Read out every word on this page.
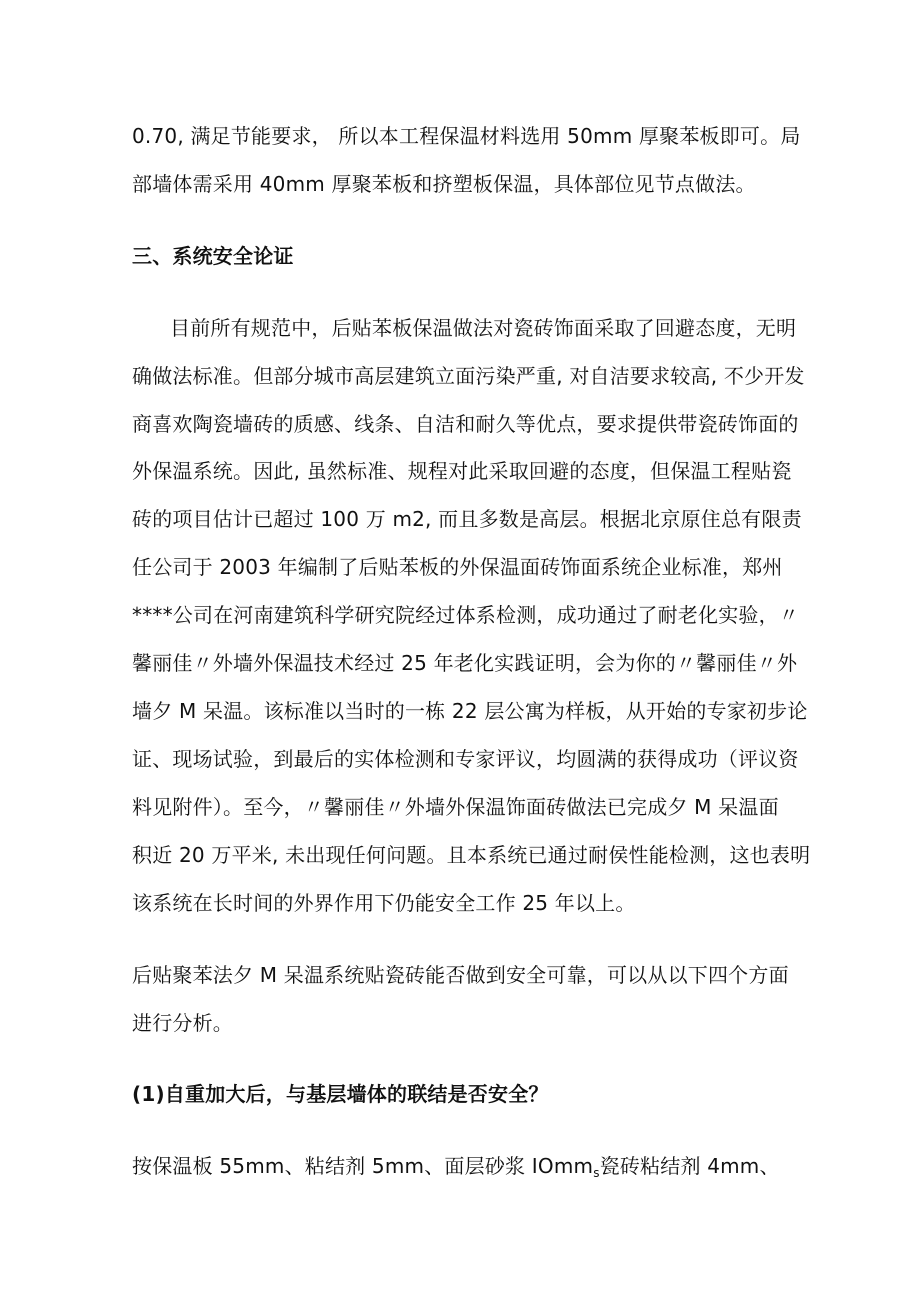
0.70, 满足节能要求， 所以本工程保温材料选用 50mm 厚聚苯板即可。局
部墙体需采用 40mm 厚聚苯板和挤塑板保温，具体部位见节点做法。
三、系统安全论证
目前所有规范中，后贴苯板保温做法对瓷砖饰面采取了回避态度，无明
确做法标准。但部分城市高层建筑立面污染严重, 对自洁要求较高, 不少开发
商喜欢陶瓷墙砖的质感、线条、自洁和耐久等优点，要求提供带瓷砖饰面的
外保温系统。因此, 虽然标准、规程对此采取回避的态度，但保温工程贴瓷
砖的项目估计已超过 100 万 m2, 而且多数是高层。根据北京原住总有限责
任公司于 2003 年编制了后贴苯板的外保温面砖饰面系统企业标准，郑州
****公司在河南建筑科学研究院经过体系检测，成功通过了耐老化实验，〃
馨丽佳〃外墙外保温技术经过 25 年老化实践证明，会为你的〃馨丽佳〃外
墙夕 M 呆温。该标准以当时的一栋 22 层公寓为样板，从开始的专家初步论
证、现场试验，到最后的实体检测和专家评议，均圆满的获得成功（评议资
料见附件）。至今，〃馨丽佳〃外墙外保温饰面砖做法已完成夕 M 呆温面
积近 20 万平米, 未出现任何问题。且本系统已通过耐侯性能检测，这也表明
该系统在长时间的外界作用下仍能安全工作 25 年以上。
后贴聚苯法夕 M 呆温系统贴瓷砖能否做到安全可靠，可以从以下四个方面
进行分析。
(1)自重加大后，与基层墙体的联结是否安全？
按保温板 55mm、粘结剂 5mm、面层砂浆 IOmm$_s$瓷砖粘结剂 4mm、
